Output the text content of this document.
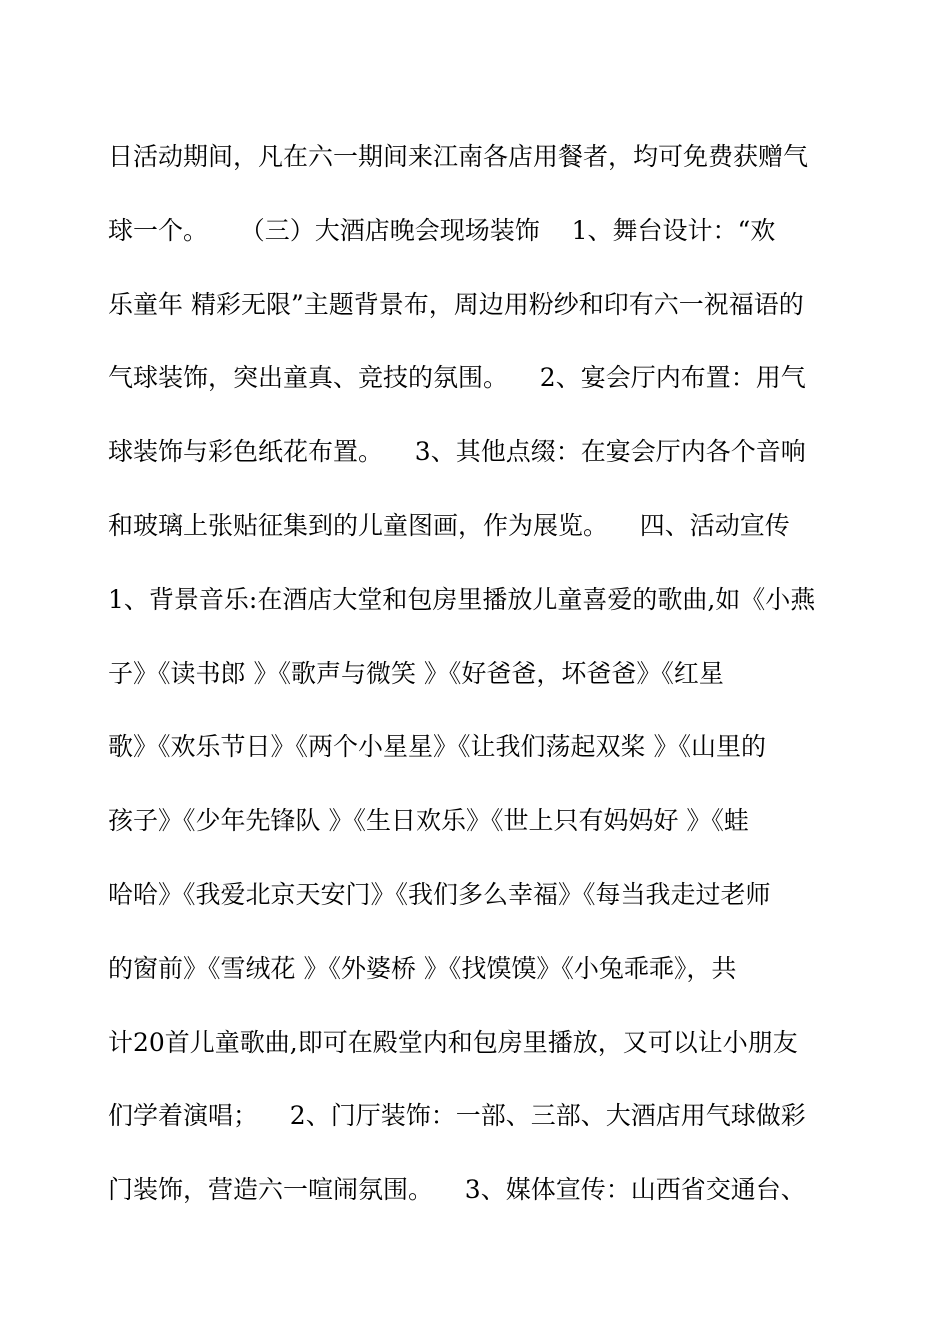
日活动期间，凡在六一期间来江南各店用餐者，均可免费获赠气
球一个。    （三）大酒店晚会现场装饰    1、舞台设计：“欢
乐童年 精彩无限”主题背景布，周边用粉纱和印有六一祝福语的
气球装饰，突出童真、竞技的氛围。    2、宴会厅内布置：用气
球装饰与彩色纸花布置。    3、其他点缀：在宴会厅内各个音响
和玻璃上张贴征集到的儿童图画，作为展览。    四、活动宣传
1、背景音乐:在酒店大堂和包房里播放儿童喜爱的歌曲,如《小燕
子》《读书郎 》《歌声与微笑 》《好爸爸，坏爸爸》《红星
歌》《欢乐节日》《两个小星星》《让我们荡起双桨 》《山里的
孩子》《少年先锋队 》《生日欢乐》《世上只有妈妈好 》《蛙
哈哈》《我爱北京天安门》《我们多么幸福》《每当我走过老师
的窗前》《雪绒花 》《外婆桥 》《找馍馍》《小兔乖乖》，共
计20首儿童歌曲,即可在殿堂内和包房里播放，又可以让小朋友
们学着演唱；    2、门厅装饰：一部、三部、大酒店用气球做彩
门装饰，营造六一喧闹氛围。    3、媒体宣传：山西省交通台、
